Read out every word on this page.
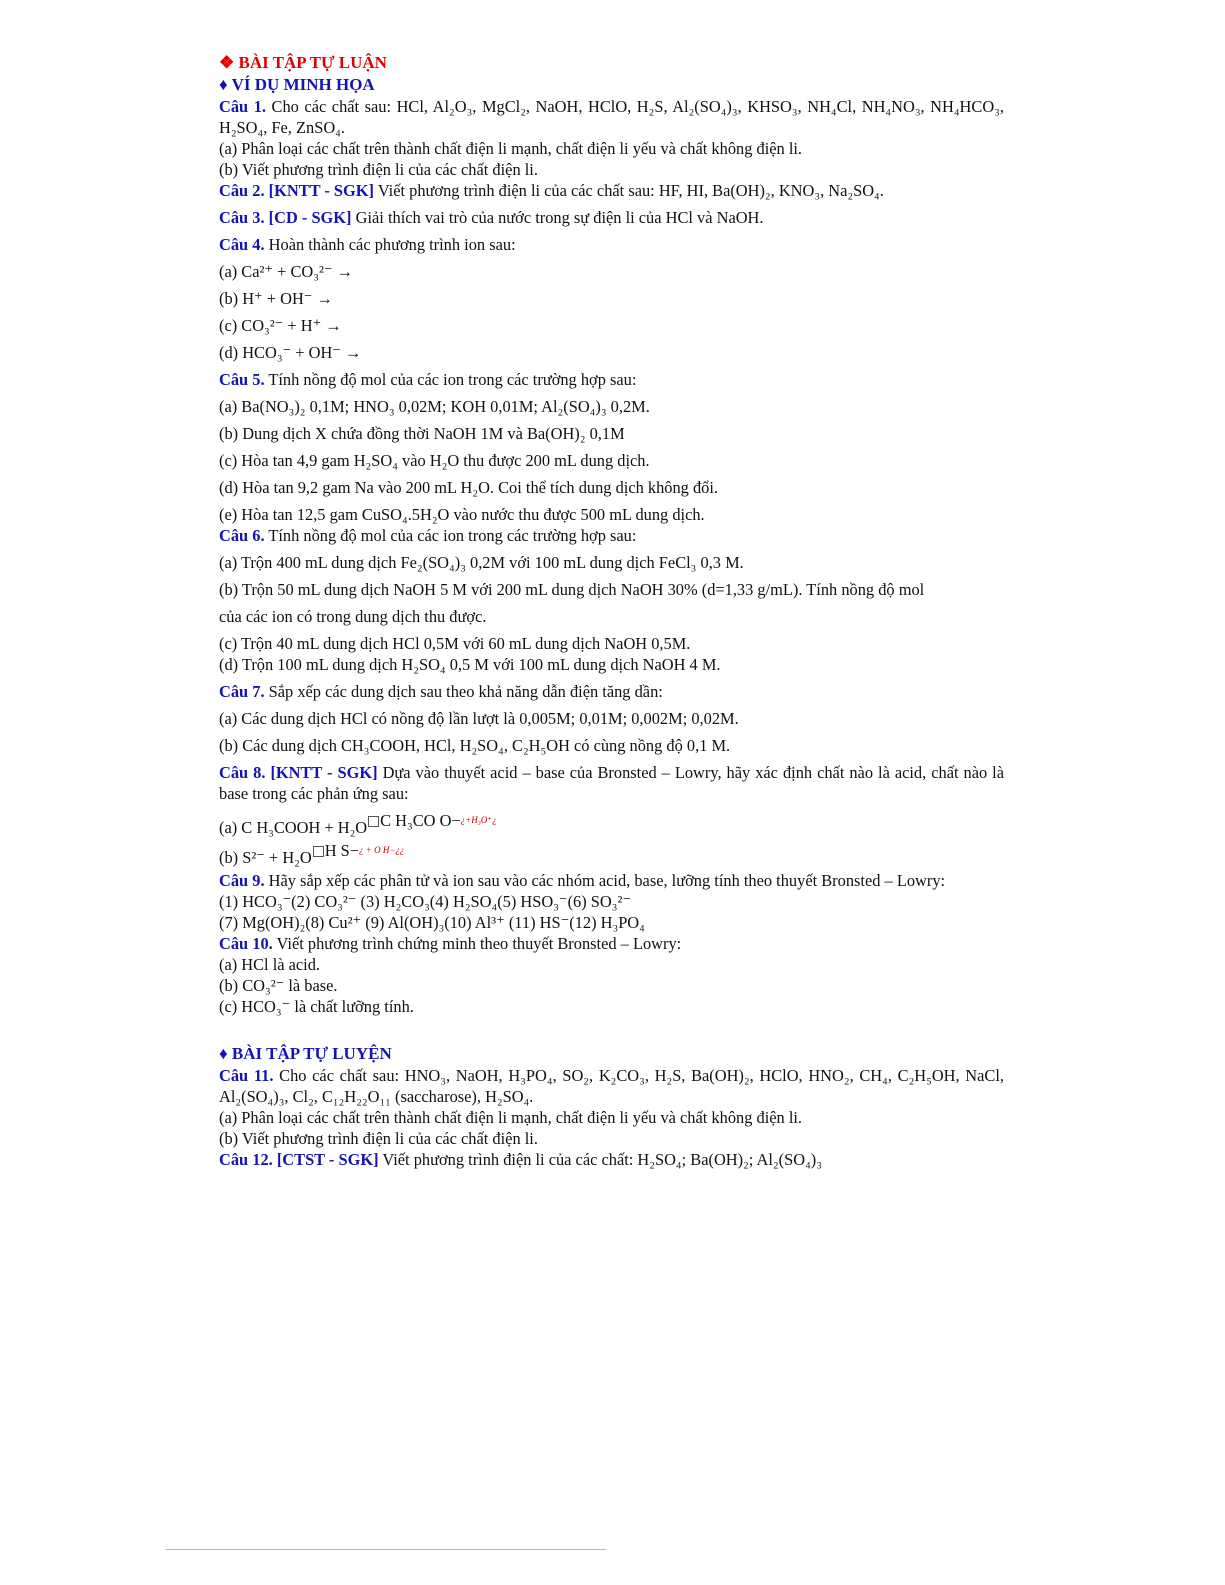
❖ BÀI TẬP TỰ LUẬN
♦ VÍ DỤ MINH HỌA
Câu 1. Cho các chất sau: HCl, Al₂O₃, MgCl₂, NaOH, HClO, H₂S, Al₂(SO₄)₃, KHSO₃, NH₄Cl, NH₄NO₃, NH₄HCO₃, H₂SO₄, Fe, ZnSO₄.
(a) Phân loại các chất trên thành chất điện li mạnh, chất điện li yếu và chất không điện li.
(b) Viết phương trình điện li của các chất điện li.
Câu 2. [KNTT - SGK] Viết phương trình điện li của các chất sau: HF, HI, Ba(OH)₂, KNO₃, Na₂SO₄.
Câu 3. [CD - SGK] Giải thích vai trò của nước trong sự điện li của HCl và NaOH.
Câu 4. Hoàn thành các phương trình ion sau:
(a) Ca²⁺ + CO₃²⁻ →
(b) H⁺ + OH⁻ →
(c) CO₃²⁻ + H⁺ →
(d) HCO₃⁻ + OH⁻ →
Câu 5. Tính nồng độ mol của các ion trong các trường hợp sau:
(a) Ba(NO₃)₂ 0,1M; HNO₃ 0,02M; KOH 0,01M; Al₂(SO₄)₃ 0,2M.
(b) Dung dịch X chứa đồng thời NaOH 1M và Ba(OH)₂ 0,1M
(c) Hòa tan 4,9 gam H₂SO₄ vào H₂O thu được 200 mL dung dịch.
(d) Hòa tan 9,2 gam Na vào 200 mL H₂O. Coi thể tích dung dịch không đổi.
(e) Hòa tan 12,5 gam CuSO₄.5H₂O vào nước thu được 500 mL dung dịch.
Câu 6. Tính nồng độ mol của các ion trong các trường hợp sau:
(a) Trộn 400 mL dung dịch Fe₂(SO₄)₃ 0,2M với 100 mL dung dịch FeCl₃ 0,3 M.
(b) Trộn 50 mL dung dịch NaOH 5 M với 200 mL dung dịch NaOH 30% (d=1,33 g/mL). Tính nồng độ mol
của các ion có trong dung dịch thu được.
(c) Trộn 40 mL dung dịch HCl 0,5M với 60 mL dung dịch NaOH 0,5M.
(d) Trộn 100 mL dung dịch H₂SO₄ 0,5 M với 100 mL dung dịch NaOH 4 M.
Câu 7. Sắp xếp các dung dịch sau theo khả năng dẫn điện tăng dần:
(a) Các dung dịch HCl có nồng độ lần lượt là 0,005M; 0,01M; 0,002M; 0,02M.
(b) Các dung dịch CH₃COOH, HCl, H₂SO₄, C₂H₅OH có cùng nồng độ 0,1 M.
Câu 8. [KNTT - SGK] Dựa vào thuyết acid – base của Bronsted – Lowry, hãy xác định chất nào là acid, chất nào là base trong các phản ứng sau:
(a) C H₃COOH + H₂O C H₃CO O−$^{¿+H_3O^+¿}$
(b) S²⁻ + H₂O H S−$^{¿ + O H-¿¿}$
Câu 9. Hãy sắp xếp các phân tử và ion sau vào các nhóm acid, base, lưỡng tính theo thuyết Bronsted – Lowry:
(1) HCO₃⁻(2) CO₃²⁻ (3) H₂CO₃(4) H₂SO₄(5) HSO₃⁻(6) SO₃²⁻
(7) Mg(OH)₂(8) Cu²⁺ (9) Al(OH)₃(10) Al³⁺ (11) HS⁻(12) H₃PO₄
Câu 10. Viết phương trình chứng minh theo thuyết Bronsted – Lowry:
(a) HCl là acid.
(b) CO₃²⁻ là base.
(c) HCO₃⁻ là chất lưỡng tính.
♦ BÀI TẬP TỰ LUYỆN
Câu 11. Cho các chất sau: HNO₃, NaOH, H₃PO₄, SO₂, K₂CO₃, H₂S, Ba(OH)₂, HClO, HNO₂, CH₄, C₂H₅OH, NaCl, Al₂(SO₄)₃, Cl₂, C₁₂H₂₂O₁₁ (saccharose), H₂SO₄.
(a) Phân loại các chất trên thành chất điện li mạnh, chất điện li yếu và chất không điện li.
(b) Viết phương trình điện li của các chất điện li.
Câu 12. [CTST - SGK] Viết phương trình điện li của các chất: H₂SO₄; Ba(OH)₂; Al₂(SO₄)₃
